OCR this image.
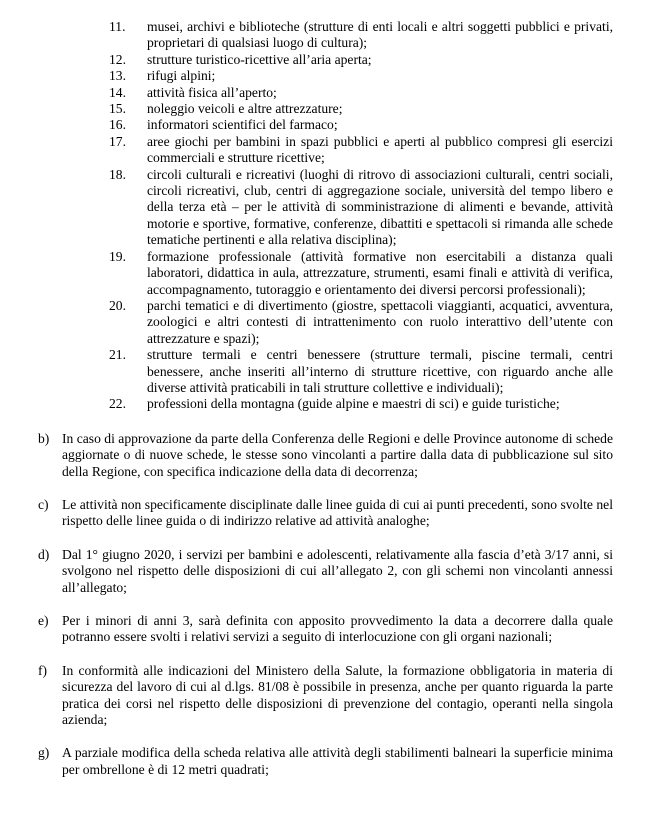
11.	musei, archivi e biblioteche (strutture di enti locali e altri soggetti pubblici e privati, proprietari di qualsiasi luogo di cultura);
12.	strutture turistico-ricettive all’aria aperta;
13.	rifugi alpini;
14.	attività fisica all’aperto;
15.	noleggio veicoli e altre attrezzature;
16.	informatori scientifici del farmaco;
17.	aree giochi per bambini in spazi pubblici e aperti al pubblico compresi gli esercizi commerciali e strutture ricettive;
18.	circoli culturali e ricreativi (luoghi di ritrovo di associazioni culturali, centri sociali, circoli ricreativi, club, centri di aggregazione sociale, università del tempo libero e della terza età – per le attività di somministrazione di alimenti e bevande, attività motorie e sportive, formative, conferenze, dibattiti e spettacoli si rimanda alle schede tematiche pertinenti e alla relativa disciplina);
19.	formazione professionale (attività formative non esercitabili a distanza quali laboratori, didattica in aula, attrezzature, strumenti, esami finali e attività di verifica, accompagnamento, tutoraggio e orientamento dei diversi percorsi professionali);
20.	parchi tematici e di divertimento (giostre, spettacoli viaggianti, acquatici, avventura, zoologici e altri contesti di intrattenimento con ruolo interattivo dell’utente con attrezzature e spazi);
21.	strutture termali e centri benessere (strutture termali, piscine termali, centri benessere, anche inseriti all’interno di strutture ricettive, con riguardo anche alle diverse attività praticabili in tali strutture collettive e individuali);
22.	professioni della montagna (guide alpine e maestri di sci) e guide turistiche;
b) In caso di approvazione da parte della Conferenza delle Regioni e delle Province autonome di schede aggiornate o di nuove schede, le stesse sono vincolanti a partire dalla data di pubblicazione sul sito della Regione, con specifica indicazione della data di decorrenza;
c) Le attività non specificamente disciplinate dalle linee guida di cui ai punti precedenti, sono svolte nel rispetto delle linee guida o di indirizzo relative ad attività analoghe;
d) Dal 1° giugno 2020, i servizi per bambini e adolescenti, relativamente alla fascia d’età 3/17 anni, si svolgono nel rispetto delle disposizioni di cui all’allegato 2, con gli schemi non vincolanti annessi all’allegato;
e) Per i minori di anni 3, sarà definita con apposito provvedimento la data a decorrere dalla quale potranno essere svolti i relativi servizi a seguito di interlocuzione con gli organi nazionali;
f)	In conformità alle indicazioni del Ministero della Salute, la formazione obbligatoria in materia di sicurezza del lavoro di cui al d.lgs. 81/08 è possibile in presenza, anche per quanto riguarda la parte pratica dei corsi nel rispetto delle disposizioni di prevenzione del contagio, operanti nella singola azienda;
g) A parziale modifica della scheda relativa alle attività degli stabilimenti balneari la superficie minima per ombrellone è di 12 metri quadrati;
